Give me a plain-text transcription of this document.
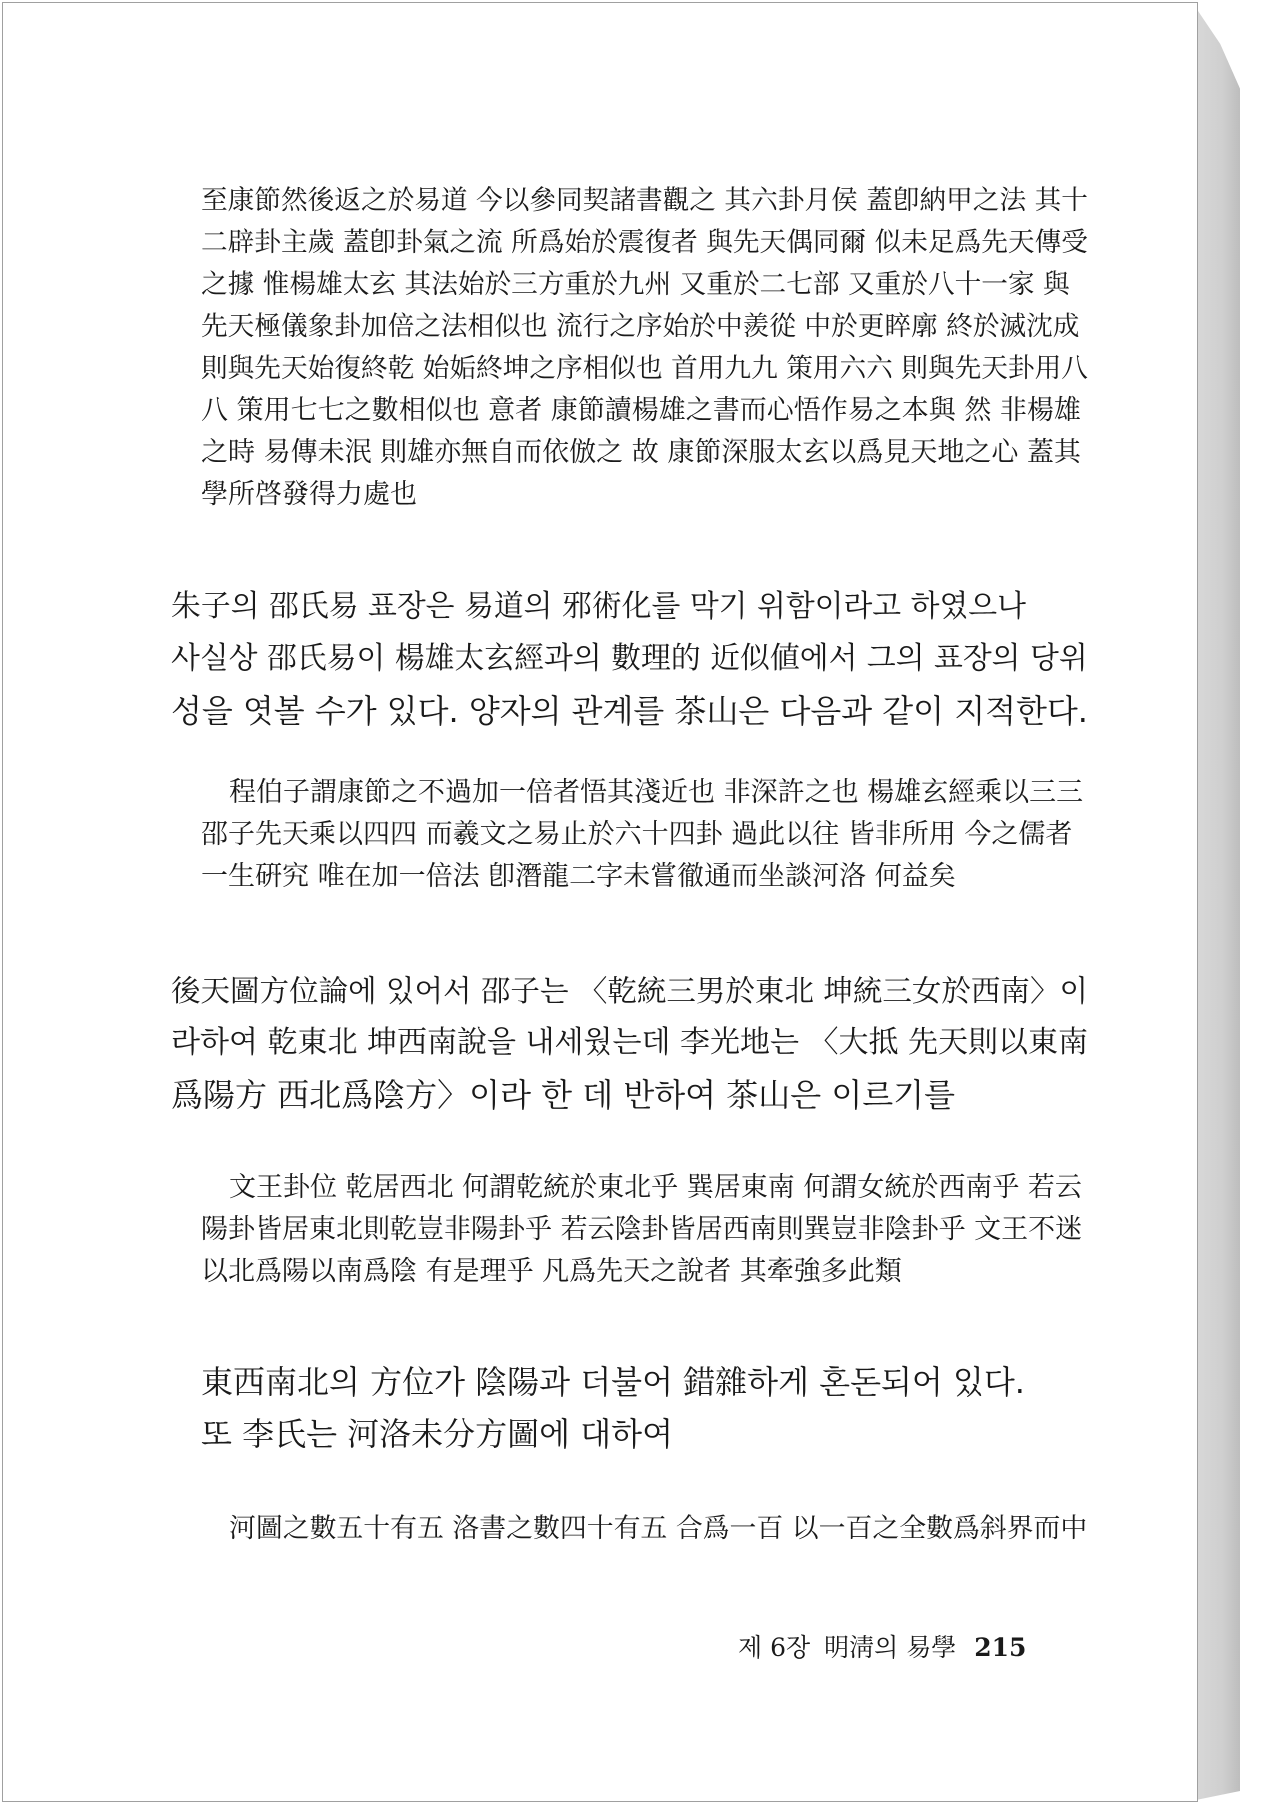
至康節然後返之於易道 今以參同契諸書觀之 其六卦月侯 蓋卽納甲之法 其十
二辟卦主歲 蓋卽卦氣之流 所爲始於震復者 與先天偶同爾 似未足爲先天傳受
之據 惟楊雄太玄 其法始於三方重於九州 又重於二七部 又重於八十一家 與
先天極儀象卦加倍之法相似也 流行之序始於中羨從 中於更睟廓 終於滅沈成
則與先天始復終乾 始姤終坤之序相似也 首用九九 策用六六 則與先天卦用八
八 策用七七之數相似也 意者 康節讀楊雄之書而心悟作易之本與 然 非楊雄
之時 易傳未泯 則雄亦無自而依倣之 故 康節深服太玄以爲見天地之心 蓋其
學所啓發得力處也
朱子의 邵氏易 표장은 易道의 邪術化를 막기 위함이라고 하였으나
사실상 邵氏易이 楊雄太玄經과의 數理的 近似値에서 그의 표장의 당위
성을 엿볼 수가 있다. 양자의 관계를 茶山은 다음과 같이 지적한다.
程伯子謂康節之不過加一倍者悟其淺近也 非深許之也 楊雄玄經乘以三三
邵子先天乘以四四 而羲文之易止於六十四卦 過此以往 皆非所用 今之儒者
一生硏究 唯在加一倍法 卽潛龍二字未嘗徹通而坐談河洛 何益矣
後天圖方位論에 있어서 邵子는 〈乾統三男於東北 坤統三女於西南〉이
라하여 乾東北 坤西南說을 내세웠는데 李光地는 〈大抵 先天則以東南
爲陽方 西北爲陰方〉이라 한 데 반하여 茶山은 이르기를
文王卦位 乾居西北 何謂乾統於東北乎 巽居東南 何謂女統於西南乎 若云
陽卦皆居東北則乾豈非陽卦乎 若云陰卦皆居西南則巽豈非陰卦乎 文王不迷
以北爲陽以南爲陰 有是理乎 凡爲先天之說者 其牽強多此類
東西南北의 方位가 陰陽과 더불어 錯雜하게 혼돈되어 있다.
또 李氏는 河洛未分方圖에 대하여
河圖之數五十有五 洛書之數四十有五 合爲一百 以一百之全數爲斜界而中
제 6장 明淸의 易學 215
